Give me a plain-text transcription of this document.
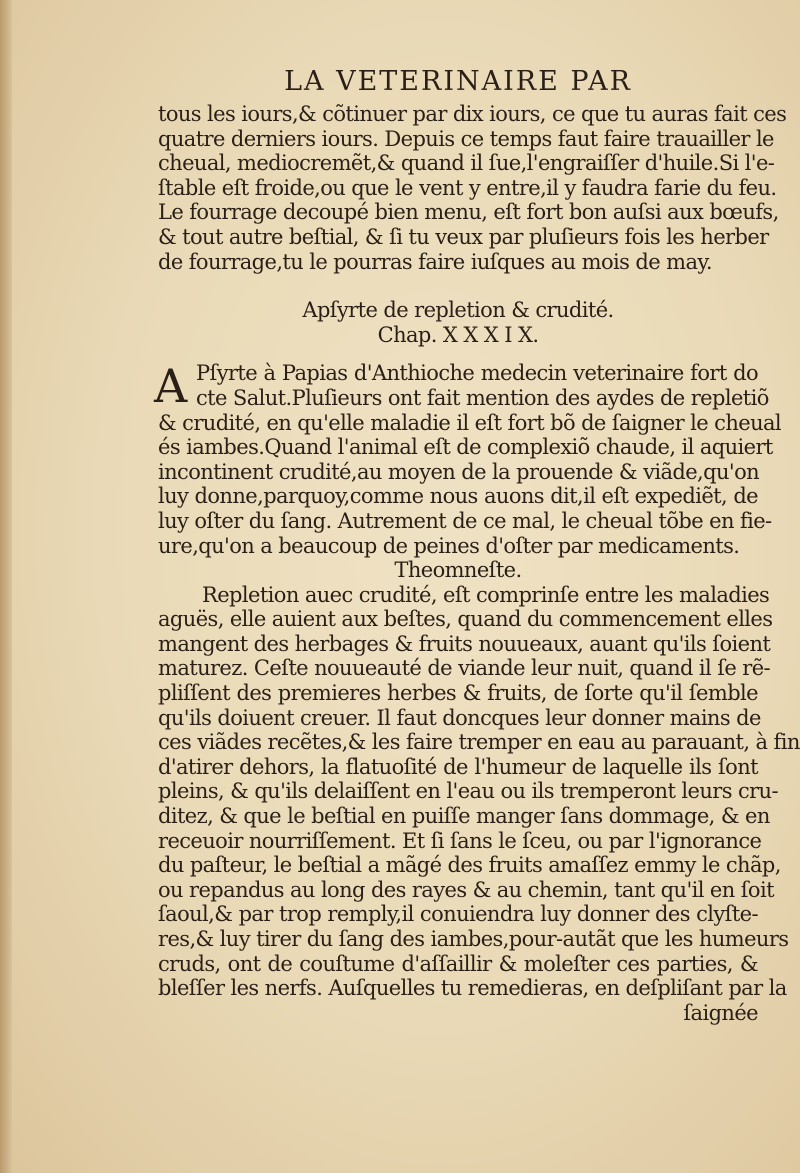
LA VETERINAIRE PAR
tous les iours,& cõtinuer par dix iours, ce que tu auras fait ces
quatre derniers iours. Depuis ce temps faut faire trauailler le
cheual, mediocremẽt,& quand il ſue,l'engraiſſer d'huile.Si l'e-
ſtable eſt froide,ou que le vent y entre,il y faudra farie du feu.
Le fourrage decoupé bien menu, eſt fort bon auſsi aux bœufs,
& tout autre beſtial, & ſi tu veux par pluſieurs fois les herber
de fourrage,tu le pourras faire iuſques au mois de may.
Apſyrte de repletion & crudité.
Chap. X X X I X.
A Pſyrte à Papias d'Anthioche medecin veterinaire fort do
cte Salut.Pluſieurs ont fait mention des aydes de repletiõ
& crudité, en qu'elle maladie il eſt fort bõ de ſaigner le cheual
és iambes.Quand l'animal eſt de complexiõ chaude, il aquiert
incontinent crudité,au moyen de la prouende & viãde,qu'on
luy donne,parquoy,comme nous auons dit,il eſt expediẽt, de
luy oſter du ſang. Autrement de ce mal, le cheual tõbe en fie-
ure,qu'on a beaucoup de peines d'oſter par medicaments.
Theomneſte.
Repletion auec crudité, eſt comprinſe entre les maladies
aguës, elle auient aux beſtes, quand du commencement elles
mangent des herbages & fruits nouueaux, auant qu'ils ſoient
maturez. Ceſte nouueauté de viande leur nuit, quand il ſe rẽ-
pliſſent des premieres herbes & fruits, de ſorte qu'il ſemble
qu'ils doiuent creuer. Il faut doncques leur donner mains de
ces viãdes recẽtes,& les faire tremper en eau au parauant, à fin
d'atirer dehors, la flatuoſité de l'humeur de laquelle ils ſont
pleins, & qu'ils delaiſſent en l'eau ou ils tremperont leurs cru-
ditez, & que le beſtial en puiſſe manger ſans dommage, & en
receuoir nourriſſement. Et ſi ſans le ſceu, ou par l'ignorance
du paſteur, le beſtial a mãgé des fruits amaſſez emmy le chãp,
ou repandus au long des rayes & au chemin, tant qu'il en ſoit
ſaoul,& par trop remply,il conuiendra luy donner des clyſte-
res,& luy tirer du ſang des iambes,pour-autãt que les humeurs
cruds, ont de couſtume d'aſſaillir & moleſter ces parties, &
bleſſer les nerfs. Auſquelles tu remedieras, en deſpliſant par la
ſaignée
